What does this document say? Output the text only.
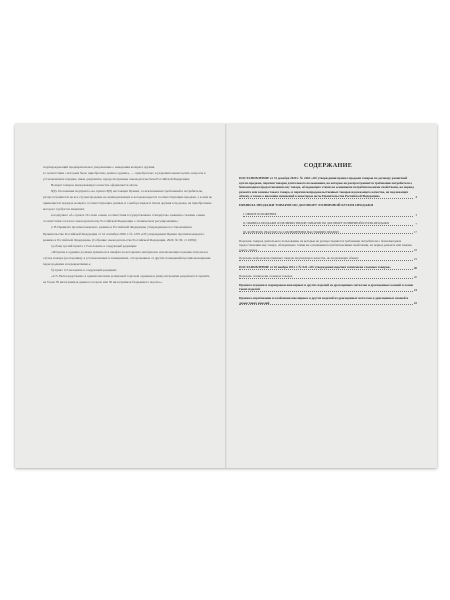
подтверждающий предварительное уведомление о намерении возврата оружия,

в соответствии с которым было приобретено данное оружие», — приобретено; в разрешительных целях, вопросы в установленном порядке, иные документы, предусмотренные законодательством Российской Федерации;

Возврат товаров ненадлежащего качества оформляется актом.

8(9). Положения подпункта «в» пункта 8(8) настоящих Правил, за исключением требований к потребителю, распространяются на все случаи продажи, не принадлежащих к которым ведется соответствующим продаже, а к ним не применяется порядок возврата соответствующих данных и о выборе видов и типов оружия к продаже, на приобретение которого требуется лицензия;

в подпункте «б» пункта 16 слова «знака соответствия государственных стандартов» заменить словами «знака соответствия согласно законодательству Российской Федерации о техническом регулировании»;

2. В Правилах противопожарного режима в Российской Федерации, утвержденных постановлением Правительства Российской Федерации от 16 сентября 2020 г. № 1479 «Об утверждении Правил противопожарного режима в Российской Федерации» (Собрание законодательства Российской Федерации, 2020, № 39, ст. 6056):

а) абзац третий пункта 115 изложить в следующей редакции:

«Патроны к оружию должны храниться в шкафах из негорючих материалов, исключающих падение патронов в случае пожара (возгорания), в установленных в помещениях, отгороженных от других помещений противопожарными перегородками и перекрытиями.»;

б) пункт 115 изложить в следующей редакции:

«115. Непосредственно в здании магазина розничной торговли оружием и (или) патронами разрешается хранить не более 50 килограммов дымного пороха или 50 килограммов бездымного пороха.».

СОДЕРЖАНИЕ
ПОСТАНОВЛЕНИЕ от 31 декабря 2020 г. № 2463 «Об утверждении правил продажи товаров по договору розничной купли-продажи, перечня товаров длительного пользования, на которые не распространяется требование потребителя о безвозмездном предоставлении ему товара, обладающего этими же основными потребительскими свойствами, на период ремонта или замены такого товара, и перечня непродовольственных товаров надлежащего качества, не подлежащих обмену, а также о внесении изменений в некоторые акты Правительства Российской Федерации»	3
ПРАВИЛА ПРОДАЖИ ТОВАРОВ ПО ДОГОВОРУ РОЗНИЧНОЙ КУПЛИ-ПРОДАЖИ
I. ОБЩИЕ ПОЛОЖЕНИЯ	3
II. ПРАВИЛА ПРОДАЖИ ОТДЕЛЬНЫХ ВИДОВ ТОВАРОВ ПО ДОГОВОРУ РОЗНИЧНОЙ КУПЛИ-ПРОДАЖИ	7
III. КОНТРОЛЬ (НАДЗОР) ЗА СОБЛЮДЕНИЕМ НАСТОЯЩИХ ПРАВИЛ	17
Перечень товаров длительного пользования, на которые не распространяется требование потребителя о безвозмездном предоставлении ему товара, обладающего этими же основными потребительскими свойствами, на период ремонта или замены такого товара	18
Перечень непродовольственных товаров надлежащего качества, не подлежащих обмену	19
ПОСТАНОВЛЕНИЕ от 10 ноября 2011 г. № 924 «Об утверждении перечня технически сложных товаров»	20
Перечень технически сложных товаров	20
Правила огранки и маркировки ювелирных и других изделий из драгоценных металлов и драгоценных камней и ломов таких изделий	21
Правила опробования и клеймения ювелирных и других изделий из драгоценных металлов и драгоценных камней и ломов таких изделий	22
